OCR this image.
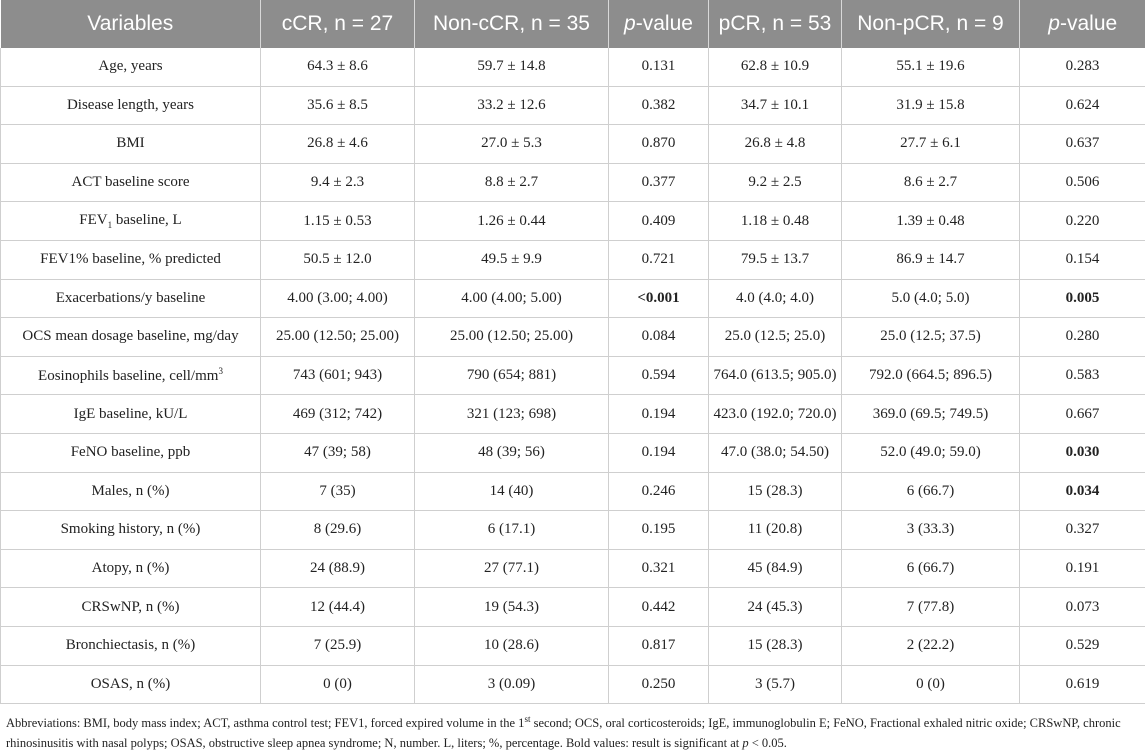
Variables	cCR, n = 27	Non-cCR, n = 35	p-value	pCR, n = 53	Non-pCR, n = 9	p-value
Age, years	64.3 ± 8.6	59.7 ± 14.8	0.131	62.8 ± 10.9	55.1 ± 19.6	0.283
Disease length, years	35.6 ± 8.5	33.2 ± 12.6	0.382	34.7 ± 10.1	31.9 ± 15.8	0.624
BMI	26.8 ± 4.6	27.0 ± 5.3	0.870	26.8 ± 4.8	27.7 ± 6.1	0.637
ACT baseline score	9.4 ± 2.3	8.8 ± 2.7	0.377	9.2 ± 2.5	8.6 ± 2.7	0.506
$FEV_1$ baseline, L	1.15 ± 0.53	1.26 ± 0.44	0.409	1.18 ± 0.48	1.39 ± 0.48	0.220
FEV1% baseline, % predicted	50.5 ± 12.0	49.5 ± 9.9	0.721	79.5 ± 13.7	86.9 ± 14.7	0.154
Exacerbations/y baseline	4.00 (3.00; 4.00)	4.00 (4.00; 5.00)	<0.001	4.0 (4.0; 4.0)	5.0 (4.0; 5.0)	0.005
OCS mean dosage baseline, mg/day	25.00 (12.50; 25.00)	25.00 (12.50; 25.00)	0.084	25.0 (12.5; 25.0)	25.0 (12.5; 37.5)	0.280
Eosinophils baseline, cell/$mm^3$	743 (601; 943)	790 (654; 881)	0.594	764.0 (613.5; 905.0)	792.0 (664.5; 896.5)	0.583
IgE baseline, kU/L	469 (312; 742)	321 (123; 698)	0.194	423.0 (192.0; 720.0)	369.0 (69.5; 749.5)	0.667
FeNO baseline, ppb	47 (39; 58)	48 (39; 56)	0.194	47.0 (38.0; 54.50)	52.0 (49.0; 59.0)	0.030
Males, n (%)	7 (35)	14 (40)	0.246	15 (28.3)	6 (66.7)	0.034
Smoking history, n (%)	8 (29.6)	6 (17.1)	0.195	11 (20.8)	3 (33.3)	0.327
Atopy, n (%)	24 (88.9)	27 (77.1)	0.321	45 (84.9)	6 (66.7)	0.191
CRSwNP, n (%)	12 (44.4)	19 (54.3)	0.442	24 (45.3)	7 (77.8)	0.073
Bronchiectasis, n (%)	7 (25.9)	10 (28.6)	0.817	15 (28.3)	2 (22.2)	0.529
OSAS, n (%)	0 (0)	3 (0.09)	0.250	3 (5.7)	0 (0)	0.619
Abbreviations: BMI, body mass index; ACT, asthma control test; FEV1, forced expired volume in the 1st second; OCS, oral corticosteroids; IgE, immunoglobulin E; FeNO, Fractional exhaled nitric oxide; CRSwNP, chronic rhinosinusitis with nasal polyps; OSAS, obstructive sleep apnea syndrome; N, number. L, liters; %, percentage. Bold values: result is significant at p < 0.05.
